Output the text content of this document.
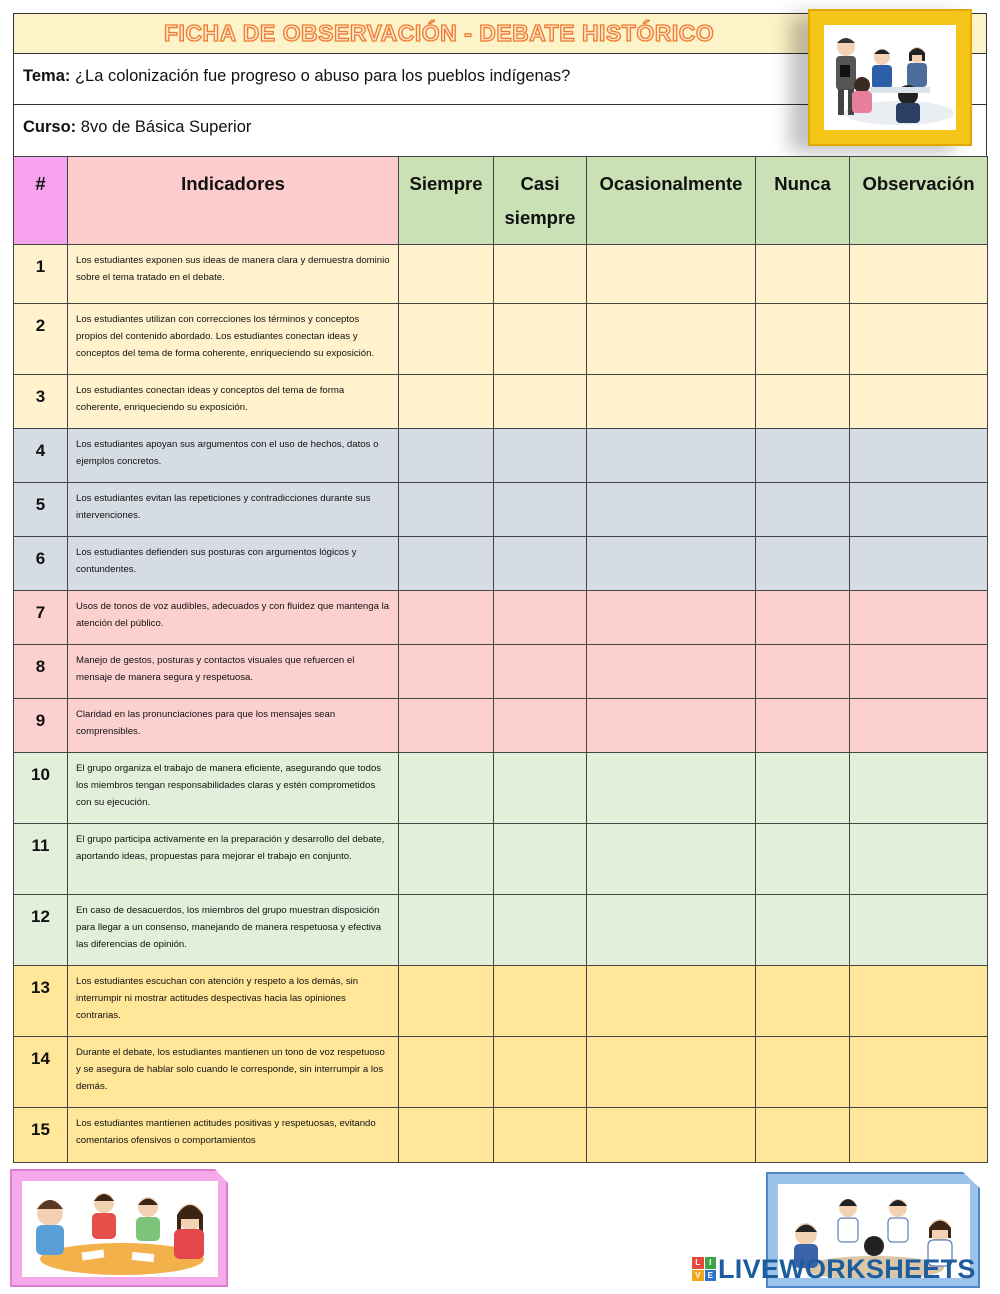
FICHA DE OBSERVACIÓN - DEBATE HISTÓRICO
Tema: ¿La colonización fue progreso o abuso para los pueblos indígenas?
Curso: 8vo de Básica Superior
#	Indicadores	Siempre	Casi siempre	Ocasionalmente	Nunca	Observación
1	Los estudiantes exponen sus ideas de manera clara y demuestra dominio sobre el tema tratado en el debate.					
2	Los estudiantes utilizan con correcciones los términos y conceptos propios del contenido abordado. Los estudiantes conectan ideas y conceptos del tema de forma coherente, enriqueciendo su exposición.					
3	Los estudiantes conectan ideas y conceptos del tema de forma coherente, enriqueciendo su exposición.					
4	Los estudiantes apoyan sus argumentos con el uso de hechos, datos o ejemplos concretos.					
5	Los estudiantes evitan las repeticiones y contradicciones durante sus intervenciones.					
6	Los estudiantes defienden sus posturas con argumentos lógicos y contundentes.					
7	Usos de tonos de voz audibles, adecuados y con fluidez que mantenga la atención del público.					
8	Manejo de gestos, posturas y contactos visuales que refuercen el mensaje de manera segura y respetuosa.					
9	Claridad en las pronunciaciones para que los mensajes sean comprensibles.					
10	El grupo organiza el trabajo de manera eficiente, asegurando que todos los miembros tengan responsabilidades claras y estén comprometidos con su ejecución.					
11	El grupo participa activamente en la preparación y desarrollo del debate, aportando ideas, propuestas para mejorar el trabajo en conjunto.					
12	En caso de desacuerdos, los miembros del grupo muestran disposición para llegar a un consenso, manejando de manera respetuosa y efectiva las diferencias de opinión.					
13	Los estudiantes escuchan con atención y respeto a los demás, sin interrumpir ni mostrar actitudes despectivas hacia las opiniones contrarias.					
14	Durante el debate, los estudiantes mantienen un tono de voz respetuoso y se asegura de hablar solo cuando le corresponde, sin interrumpir a los demás.					
15	Los estudiantes mantienen actitudes positivas y respetuosas, evitando comentarios ofensivos o comportamientos					
L	I
V E LIVEWORKSHEETS
